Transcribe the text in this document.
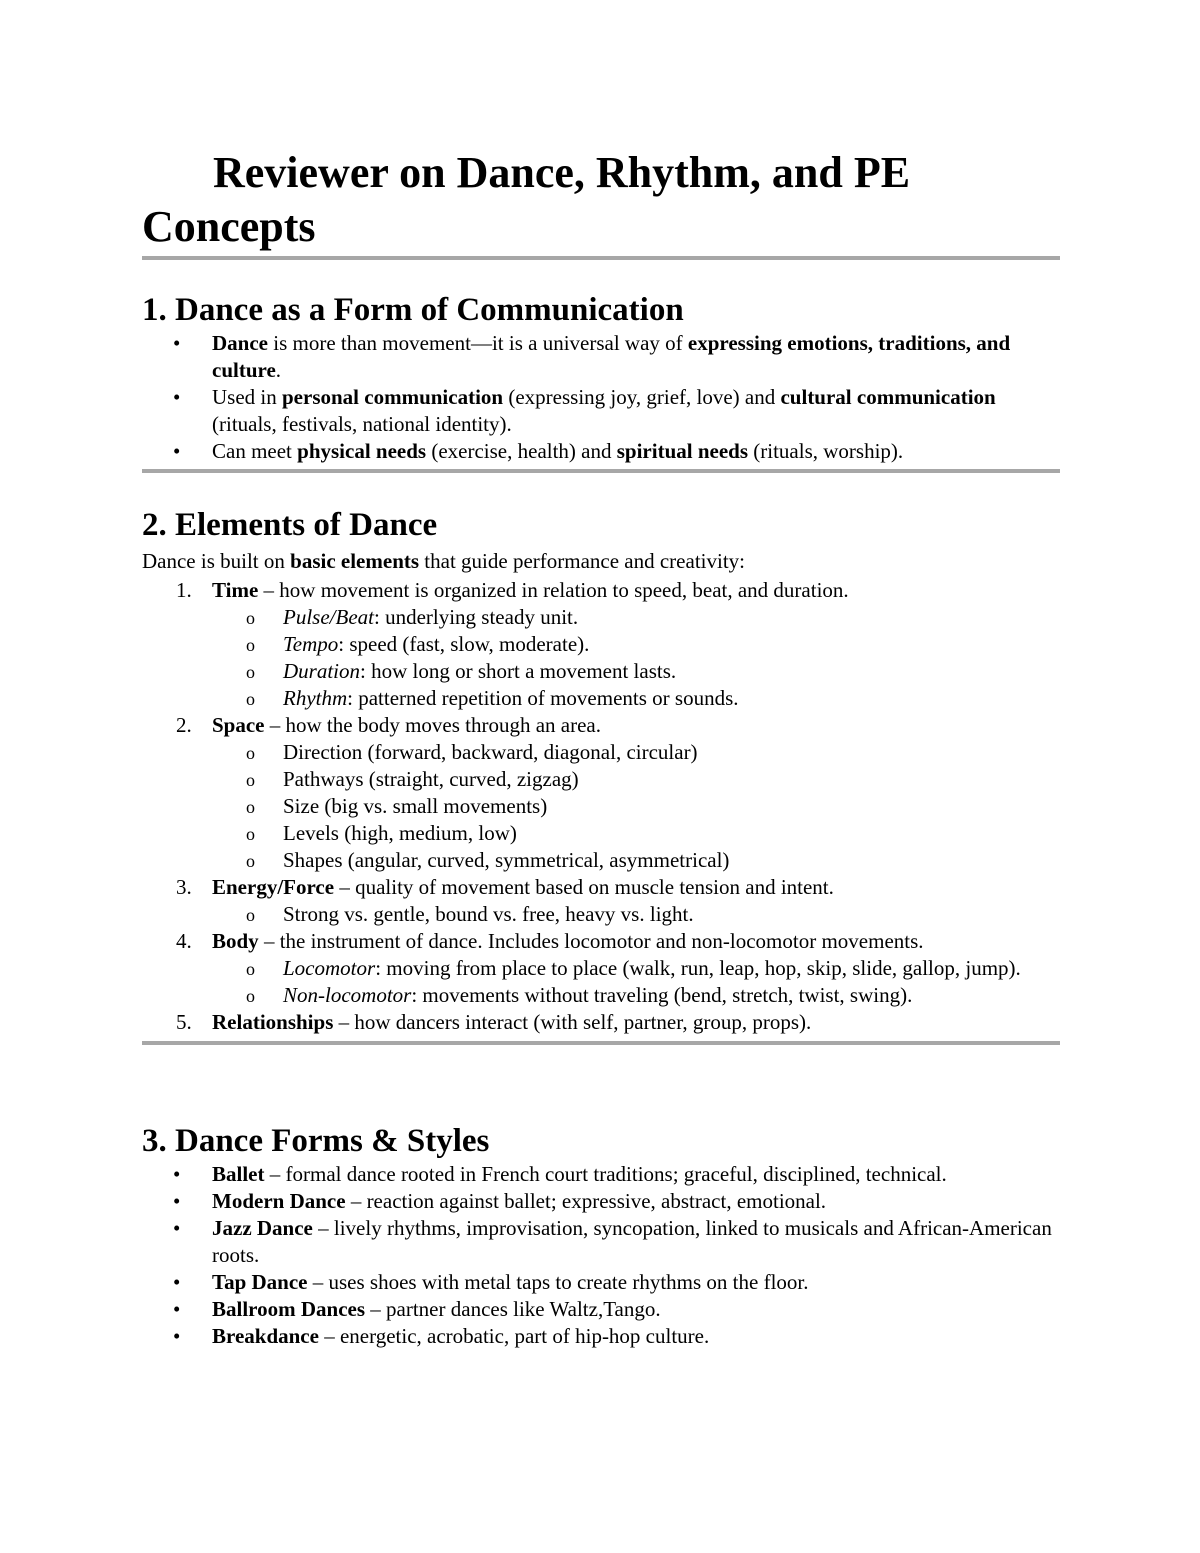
Reviewer on Dance, Rhythm, and PE Concepts
1. Dance as a Form of Communication
• Dance is more than movement—it is a universal way of expressing emotions, traditions, and culture.
• Used in personal communication (expressing joy, grief, love) and cultural communication (rituals, festivals, national identity).
• Can meet physical needs (exercise, health) and spiritual needs (rituals, worship).
2. Elements of Dance

Dance is built on basic elements that guide performance and creativity:

1. Time – how movement is organized in relation to speed, beat, and duration.
o Pulse/Beat: underlying steady unit.
o Tempo: speed (fast, slow, moderate).
o Duration: how long or short a movement lasts.
o Rhythm: patterned repetition of movements or sounds.
2. Space – how the body moves through an area.
o Direction (forward, backward, diagonal, circular)
o Pathways (straight, curved, zigzag)
o Size (big vs. small movements)
o Levels (high, medium, low)
o Shapes (angular, curved, symmetrical, asymmetrical)
3. Energy/Force – quality of movement based on muscle tension and intent.
o Strong vs. gentle, bound vs. free, heavy vs. light.
4. Body – the instrument of dance. Includes locomotor and non-locomotor movements.
o Locomotor: moving from place to place (walk, run, leap, hop, skip, slide, gallop, jump).
o Non-locomotor: movements without traveling (bend, stretch, twist, swing).
5. Relationships – how dancers interact (with self, partner, group, props).
3. Dance Forms & Styles
• Ballet – formal dance rooted in French court traditions; graceful, disciplined, technical.
• Modern Dance – reaction against ballet; expressive, abstract, emotional.
• Jazz Dance – lively rhythms, improvisation, syncopation, linked to musicals and African-American roots.
• Tap Dance – uses shoes with metal taps to create rhythms on the floor.
• Ballroom Dances – partner dances like Waltz,Tango.
• Breakdance – energetic, acrobatic, part of hip-hop culture.
